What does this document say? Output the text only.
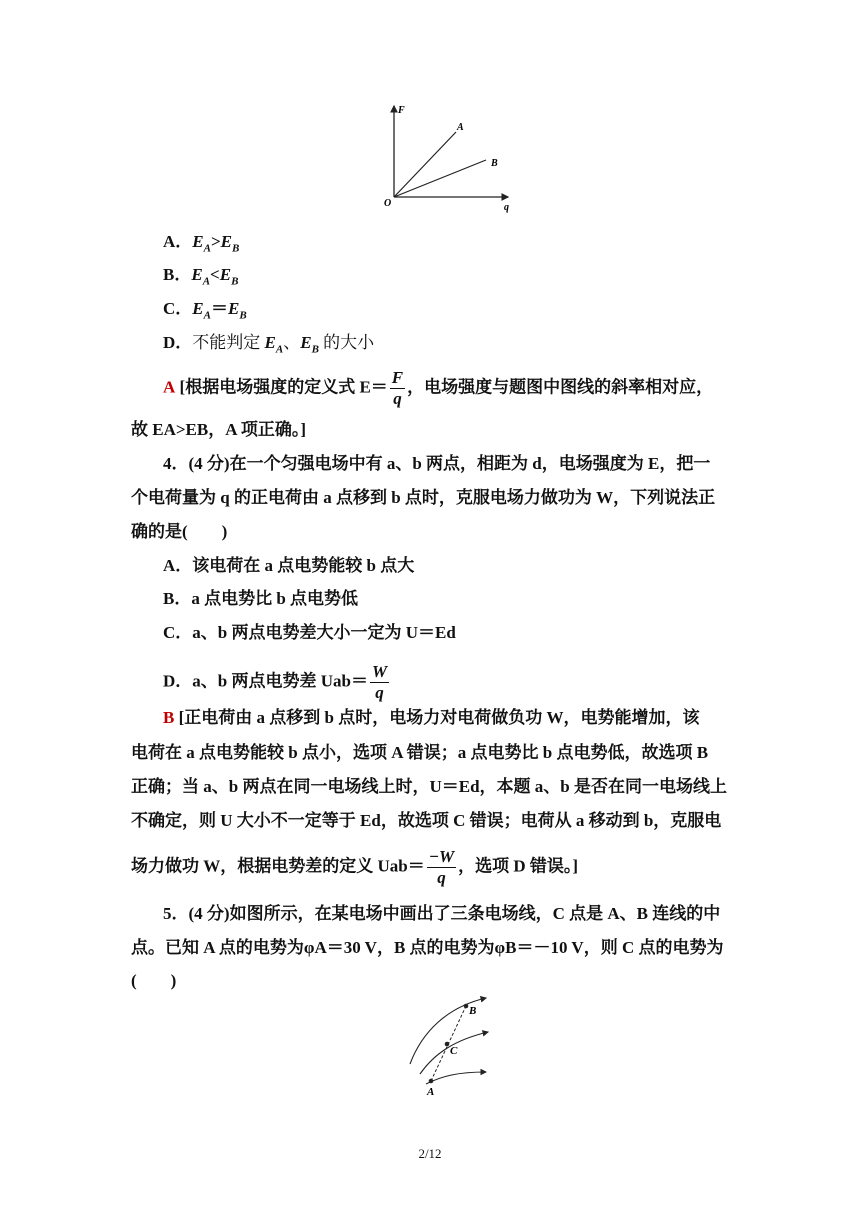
F
q
O
A
B
A．$E_A>E_B$
B．$E_A<E_B$
C．$E_A=E_B$
D．不能判定 $E_A$、$E_B$ 的大小
A [根据电场强度的定义式 $E= \frac{F}{q}$ ，电场强度与题图中图线的斜率相对应，
故 EA>EB，A 项正确。]
4．(4 分)在一个匀强电场中有 a、b 两点，相距为 d，电场强度为 E，把一
个电荷量为 q 的正电荷由 a 点移到 b 点时，克服电场力做功为 W，下列说法正
确的是(　　)
A．该电荷在 a 点电势能较 b 点大
B．a 点电势比 b 点电势低
C．a、b 两点电势差大小一定为 U＝Ed
D．a、b 两点电势差 $Uab= \frac{W}{q}$
B [正电荷由 a 点移到 b 点时，电场力对电荷做负功 W，电势能增加，该
电荷在 a 点电势能较 b 点小，选项 A 错误；a 点电势比 b 点电势低，故选项 B
正确；当 a、b 两点在同一电场线上时，U＝Ed，本题 a、b 是否在同一电场线上
不确定，则 U 大小不一定等于 Ed，故选项 C 错误；电荷从 a 移动到 b，克服电
场力做功 W，根据电势差的定义 $Uab= \frac{-W}{q}$ ，选项 D 错误。]
5．(4 分)如图所示，在某电场中画出了三条电场线，C 点是 A、B 连线的中
点。已知 A 点的电势为φA＝30 V，B 点的电势为φB＝－10 V，则 C 点的电势为
(　　)
A
C
B
2/12
